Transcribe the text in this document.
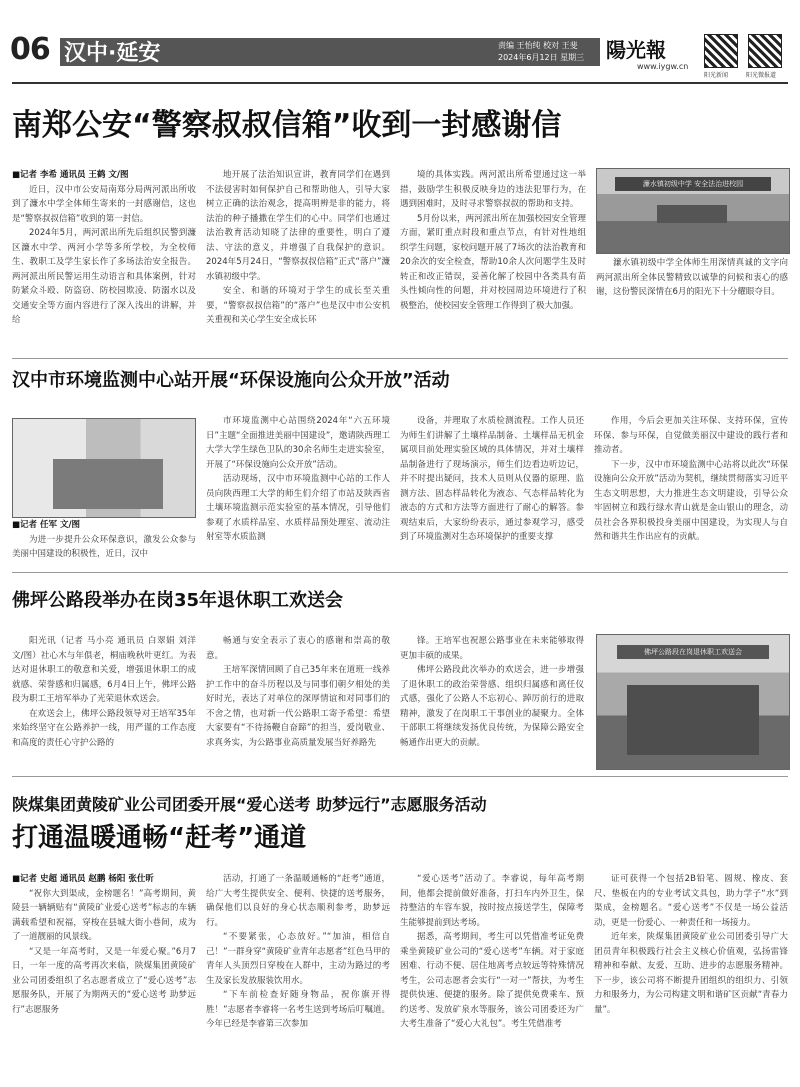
06 汉中·延安	责编 王怡纯 校对 王斐
2024年6月12日 星期三 陽光報
www.iygw.cn
阳光新闻	阳光微报道
南郑公安“警察叔叔信箱”收到一封感谢信
■记者 李希 通讯员 王鹤 文/图

近日，汉中市公安局南郑分局两河派出所收到了濂水中学全体师生寄来的一封感谢信，这也是“警察叔叔信箱”收到的第一封信。

2024年5月，两河派出所先后组织民警到濂区濂水中学、两河小学等多所学校，为全校师生、教职工及学生家长作了多场法治安全报告。两河派出所民警运用生动语言和具体案例，针对防紧众斗殴、防盗窃、防校园欺凌、防溺水以及交通安全等方面内容进行了深入浅出的讲解，并给

地开展了法治知识宣讲，教育同学们在遇到不法侵害时如何保护自己和帮助他人，引导大家树立正确的法治观念，提高明辨是非的能力，将法治的种子播撒在学生们的心中。同学们也通过法治教育活动知晓了法律的重要性，明白了遵法、守法的意义，并增强了自我保护的意识。2024年5月24日，“警察叔叔信箱”正式“落户”濂水镇初级中学。

安全、和谐的环境对于学生的成长至关重要，“警察叔叔信箱”的“落户”也是汉中市公安机关重视和关心学生安全成长环

境的具体实践。两河派出所希望通过这一举措，鼓励学生积极反映身边的违法犯罪行为，在遇到困难时，及时寻求警察叔叔的帮助和支持。

5月份以来，两河派出所在加强校园安全管理方面，紧盯重点时段和重点节点，有针对性地组织学生问题，家校问题开展了7场次的法治教育和20余次的安全检查，帮助10余人次问题学生及时转正和改正错误，妥善化解了校园中各类具有苗头性倾向性的问题，并对校园周边环境进行了积极整治，使校园安全管理工作得到了极大加强。

濂水镇初级中学 安全法治进校园
濂水镇初级中学全体师生用深情真诚的文字向两河派出所全体民警精致以诚挚的问候和衷心的感谢，这份警民深情在6月的阳光下十分耀眼夺目。
汉中市环境监测中心站开展“环保设施向公众开放”活动
■记者 任军 文/图

为进一步提升公众环保意识，激发公众参与美丽中国建设的积极性，近日，汉中

市环境监测中心站围绕2024年“六五环境日”主题“全面推进美丽中国建设”，邀请陕西理工大学大学生绿色卫队的30余名师生走进实验室，开展了“环保设施向公众开放”活动。

活动现场，汉中市环境监测中心站的工作人员向陕西理工大学的师生们介绍了市站及陕西省土壤环境监测示范实验室的基本情况，引导他们参观了水质样品室、水质样品预处理室、流动注射室等水质监测

设备，并理取了水质检测流程。工作人员还为师生们讲解了土壤样品制备、土壤样品无机金属项目前处理实验区域的具体情况，并对土壤样品制备进行了现场演示，师生们边看边听边记，并不时提出疑问，技术人员则从仪器的原理、监测方法、固态样品转化为液态、气态样品转化为液态的方式和方法等方面进行了耐心的解答。参观结束后，大家纷纷表示，通过参观学习，感受到了环境监测对生态环境保护的重要支撑

作用，今后会更加关注环保、支持环保，宣传环保、参与环保，自觉做美丽汉中建设的践行者和推动者。

下一步，汉中市环境监测中心站将以此次“环保设施向公众开放”活动为契机，继续贯彻落实习近平生态文明思想，大力推进生态文明建设，引导公众牢固树立和践行绿水青山就是金山银山的理念，动员社会各界积极投身美丽中国建设，为实现人与自然和谐共生作出应有的贡献。

佛坪公路段举办在岗35年退休职工欢送会

阳光讯（记者 马小亮 通讯员 白翠娟 刘洋 文/图）社心木与年俱老，桐庙晚秋叶更红。为表达对退休职工的敬意和关爱，增强退休职工的成就感、荣誉感和归属感，6月4日上午，佛坪公路段为职工王培军举办了光荣退休欢送会。

在欢送会上，佛坪公路段领导对王培军35年来始终坚守在公路养护一线，用严谨的工作态度和高度的责任心守护公路的

畅通与安全表示了衷心的感谢和崇高的敬意。

王培军深情回顾了自己35年来在道班一线养护工作中的奋斗历程以及与同事们朝夕相处的美好时光，表达了对单位的深厚情谊和对同事们的不舍之情，也对新一代公路职工寄予希望：希望大家要有“不待扬鞭自奋蹄”的担当，爱岗敬业、求真务实，为公路事业高质量发展当好养路先

锋。王培军也祝愿公路事业在未来能够取得更加丰硕的成果。

佛坪公路段此次举办的欢送会，进一步增强了退休职工的政治荣誉感、组织归属感和离任仪式感，强化了公路人不忘初心、踔厉前行的进取精神，激发了在岗职工干事创业的凝聚力。全体干部职工将继续发扬优良传统，为保障公路安全畅通作出更大的贡献。

佛坪公路段在岗退休职工欢送会
陕煤集团黄陵矿业公司团委开展“爱心送考 助梦远行”志愿服务活动
打通温暖通畅“赶考”通道
■记者 史超 通讯员 赵鹏 杨阳 张仕昕

“祝你大到渠成，金榜题名！”高考期间，黄陵县一辆辆贴有“黄陵矿业爱心送考”标志的车辆满载希望和祝福，穿梭在县城大街小巷间，成为了一道靓丽的风景线。

“又是一年高考时，又是一年爱心聚。”6月7日，一年一度的高考再次来临，陕煤集团黄陵矿业公司团委组织了名志愿者成立了“爱心送考”志愿服务队，开展了为期两天的“爱心送考 助梦远行”志愿服务

活动，打通了一条温暖通畅的“赶考”通道，给广大考生提供安全、便利、快捷的送考服务，确保他们以良好的身心状态顺利参考，助梦远行。

“不要紧张，心态放好。”“加油，相信自己！”一群身穿“黄陵矿业青年志愿者”红色马甲的青年人头顶烈日穿梭在人群中，主动为路过的考生及家长发放服装饮用水。

“下车前检查好随身物品，祝你旗开得胜！”志愿者李睿将一名考生送到考场后叮嘱道。今年已经是李睿第三次参加

“爱心送考”活动了。李睿说，每年高考期间，他都会提前做好准备，打扫车内外卫生，保持整洁的车容车貌，按时按点接送学生，保障考生能够提前到达考场。

据悉，高考期间，考生可以凭借准考证免费乘坐黄陵矿业公司的“爱心送考”车辆。对于家庭困难、行动不便、居住地离考点较远等特殊情况考生，公司志愿者会实行“一对一”帮扶，为考生提供快速、便捷的服务。除了提供免费乘车、预约送考、发放矿泉水等服务，该公司团委还为广大考生准备了“爱心大礼包”。考生凭借准考

证可获得一个包括2B铅笔、圆规、橡皮、套尺、垫板在内的专业考试文具包，助力学子“水”到渠成，金榜题名。“爱心送考”不仅是一场公益活动，更是一份爱心、一种责任和一场接力。

近年来，陕煤集团黄陵矿业公司团委引导广大团员青年积极践行社会主义核心价值观，弘扬雷锋精神和奉献、友爱、互助、进步的志愿服务精神。下一步，该公司将不断提升团组织的组织力、引领力和服务力，为公司构建文明和谐矿区贡献“青春力量”。
